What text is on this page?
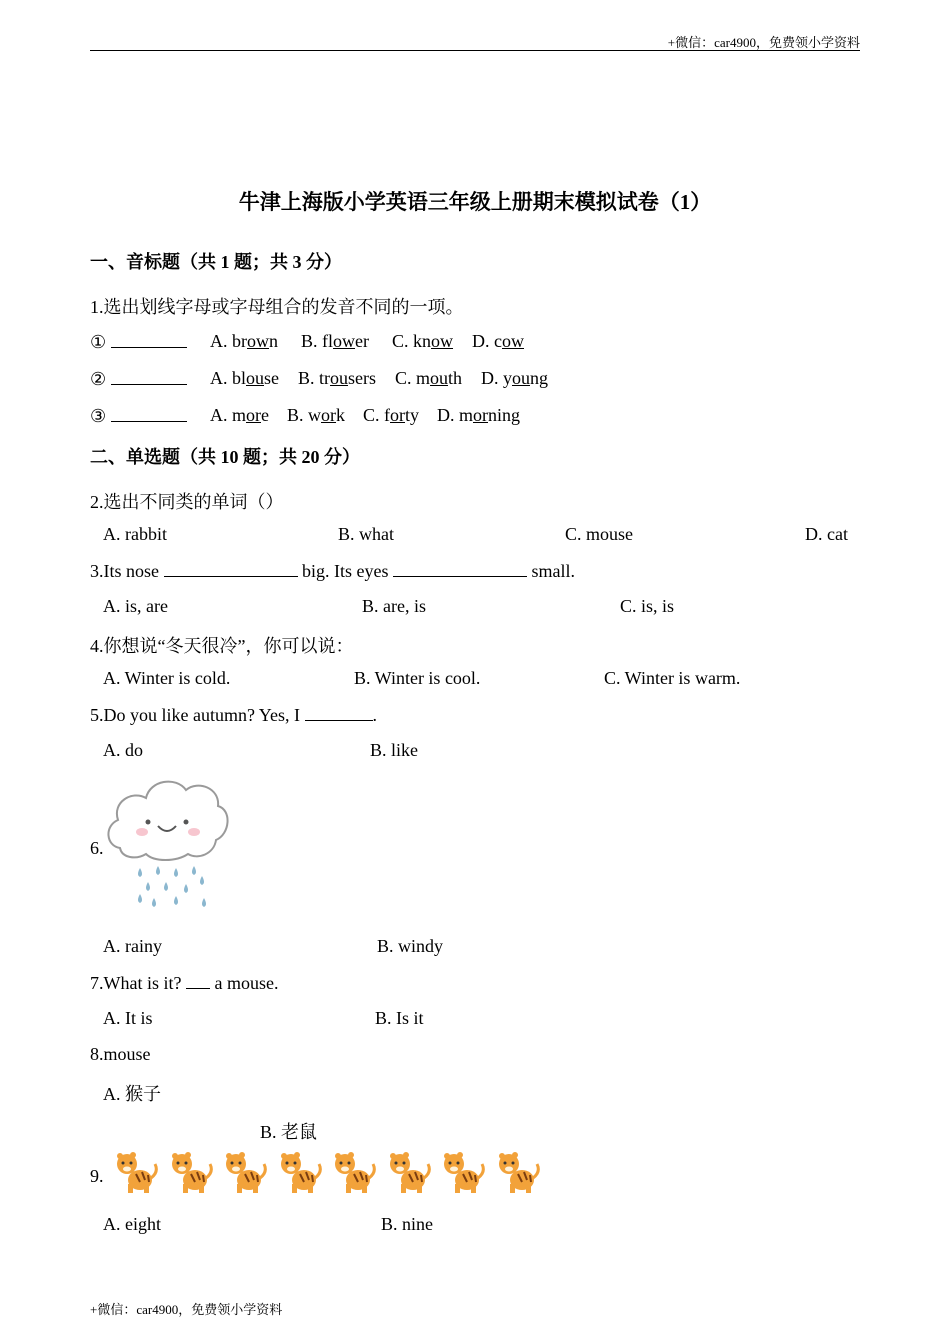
+微信：car4900，免费领小学资料
牛津上海版小学英语三年级上册期末模拟试卷（1）
一、音标题（共 1 题；共 3 分）
1.选出划线字母或字母组合的发音不同的一项。
①	A. brown B. flower C. know D. cow
②	A. blouse B. trousers C. mouth D. young
③	A. more B. work C. forty D. morning
二、单选题（共 10 题；共 20 分）
2.选出不同类的单词（）
A. rabbit	B. what	C. mouse	D. cat
3.Its nose	big. Its eyes	small.
A. is, are	B. are, is	C. is, is
4.你想说“冬天很冷”，你可以说：
A. Winter is cold.	B. Winter is cool.	C. Winter is warm.
5.Do you like autumn? Yes, I	.
A. do	B. like
6.
A. rainy	B. windy
7.What is it? a mouse.
A. It is	B. Is it
8.mouse
A. 猴子
B. 老鼠
9.
A. eight	B. nine
+微信：car4900，免费领小学资料
